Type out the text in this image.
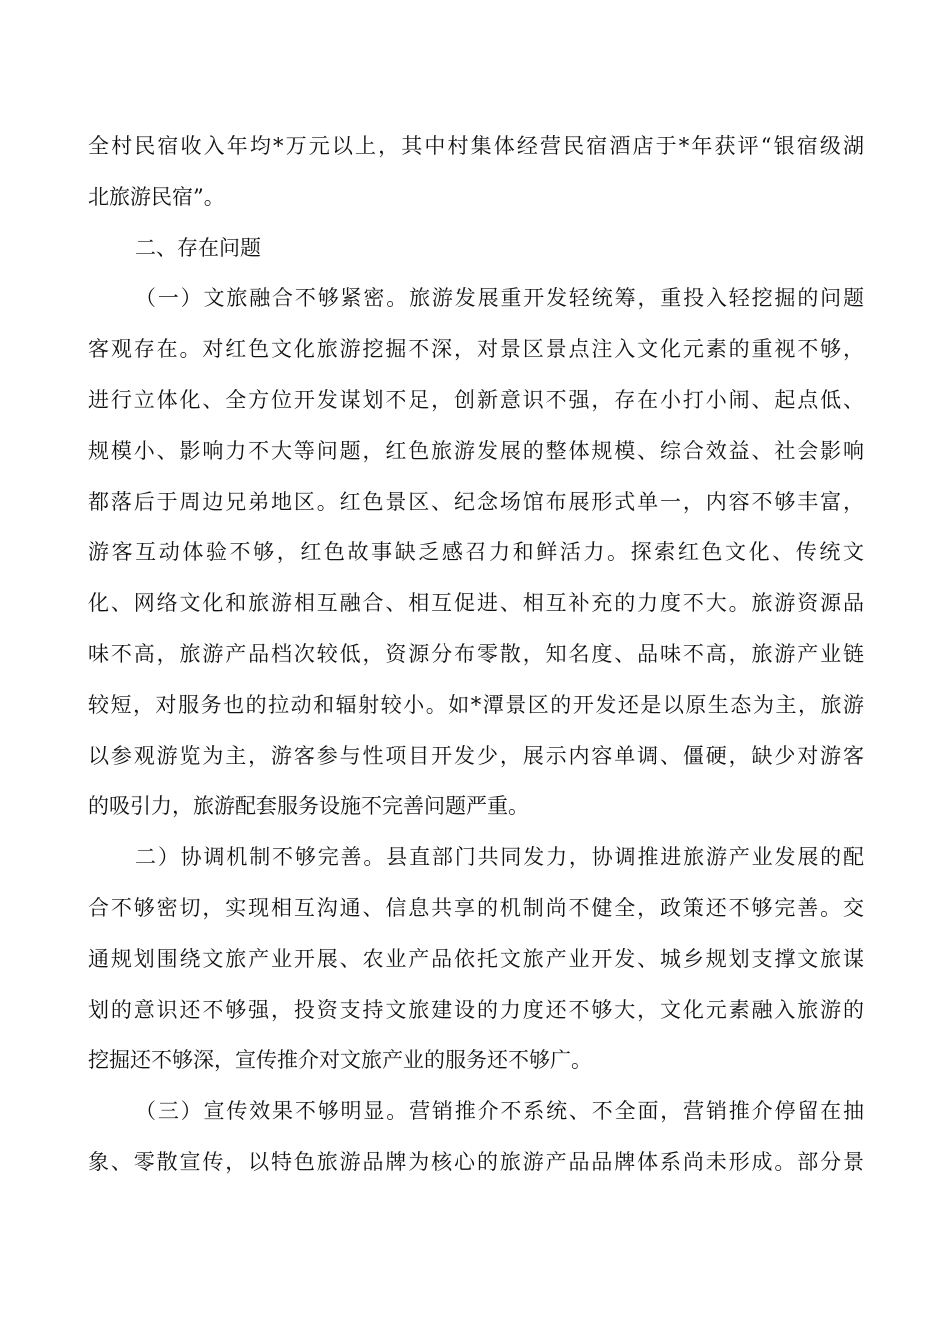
全村民宿收入年均*万元以上，其中村集体经营民宿酒店于*年获评“银宿级湖
北旅游民宿”。
二、存在问题
（一）文旅融合不够紧密。旅游发展重开发轻统筹，重投入轻挖掘的问题
客观存在。对红色文化旅游挖掘不深，对景区景点注入文化元素的重视不够，
进行立体化、全方位开发谋划不足，创新意识不强，存在小打小闹、起点低、
规模小、影响力不大等问题，红色旅游发展的整体规模、综合效益、社会影响
都落后于周边兄弟地区。红色景区、纪念场馆布展形式单一，内容不够丰富，
游客互动体验不够，红色故事缺乏感召力和鲜活力。探索红色文化、传统文
化、网络文化和旅游相互融合、相互促进、相互补充的力度不大。旅游资源品
味不高，旅游产品档次较低，资源分布零散，知名度、品味不高，旅游产业链
较短，对服务也的拉动和辐射较小。如*潭景区的开发还是以原生态为主，旅游
以参观游览为主，游客参与性项目开发少，展示内容单调、僵硬，缺少对游客
的吸引力，旅游配套服务设施不完善问题严重。
二）协调机制不够完善。县直部门共同发力，协调推进旅游产业发展的配
合不够密切，实现相互沟通、信息共享的机制尚不健全，政策还不够完善。交
通规划围绕文旅产业开展、农业产品依托文旅产业开发、城乡规划支撑文旅谋
划的意识还不够强，投资支持文旅建设的力度还不够大，文化元素融入旅游的
挖掘还不够深，宣传推介对文旅产业的服务还不够广。
（三）宣传效果不够明显。营销推介不系统、不全面，营销推介停留在抽
象、零散宣传，以特色旅游品牌为核心的旅游产品品牌体系尚未形成。部分景
